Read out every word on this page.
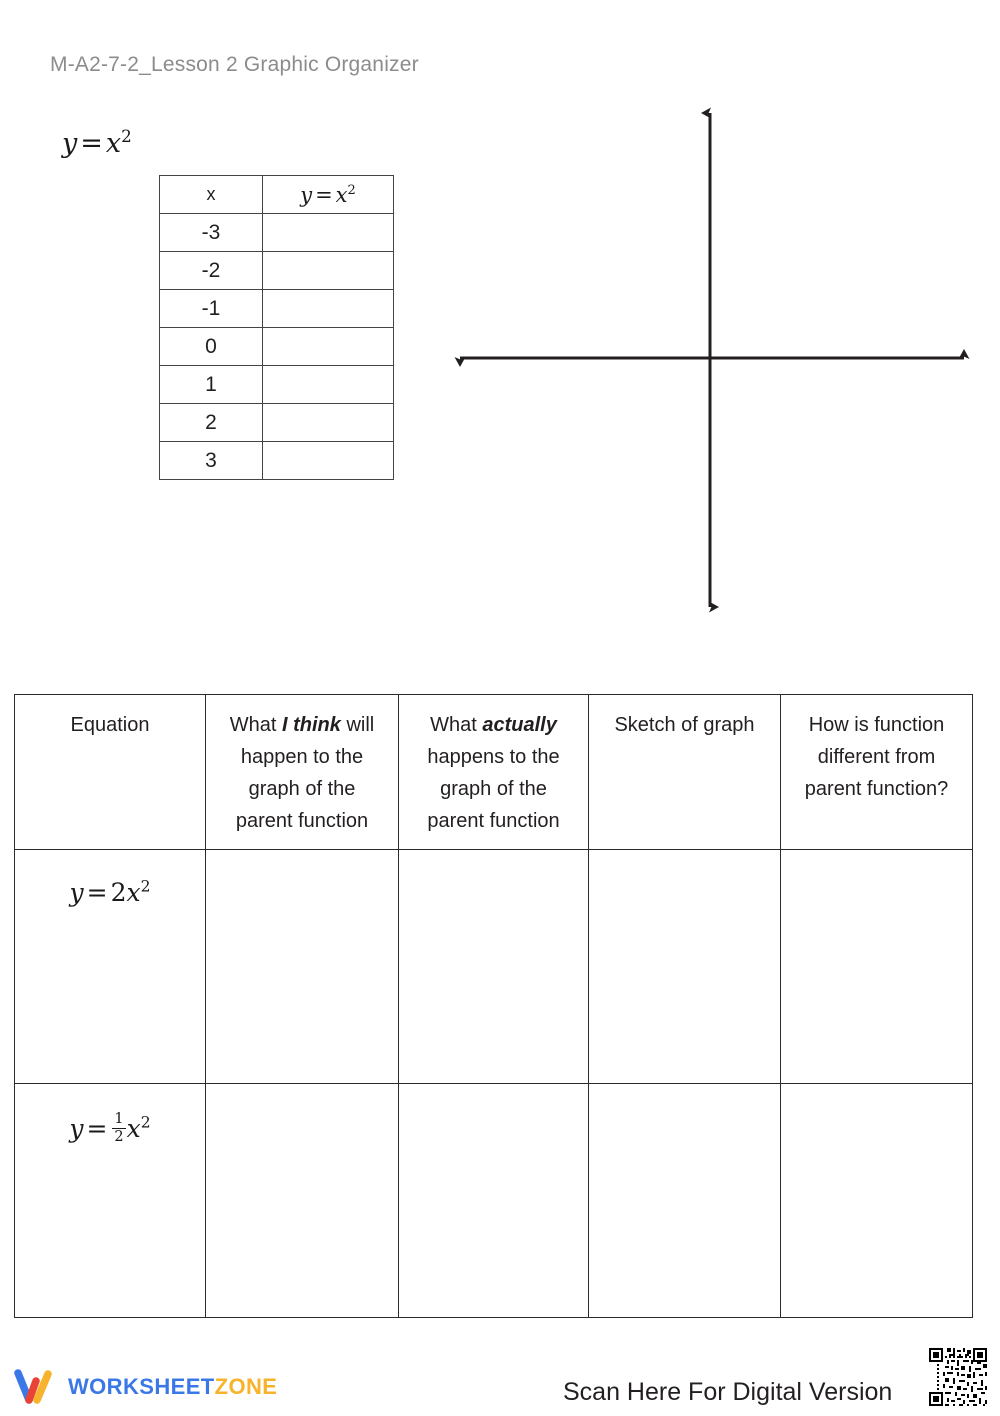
M-A2-7-2_Lesson 2 Graphic Organizer
$y = x^2$
x	$y = x^2$
-3	
-2	
-1	
0	
1	
2	
3	
Equation	What I think will
happen to the
graph of the
parent function	What actually
happens to the
graph of the
parent function	Sketch of graph	How is function
different from
parent function?
$y = 2x^2$				
$y = \frac{1}{2} x^2$				
WORKSHEETZONE	Scan Here For Digital Version
